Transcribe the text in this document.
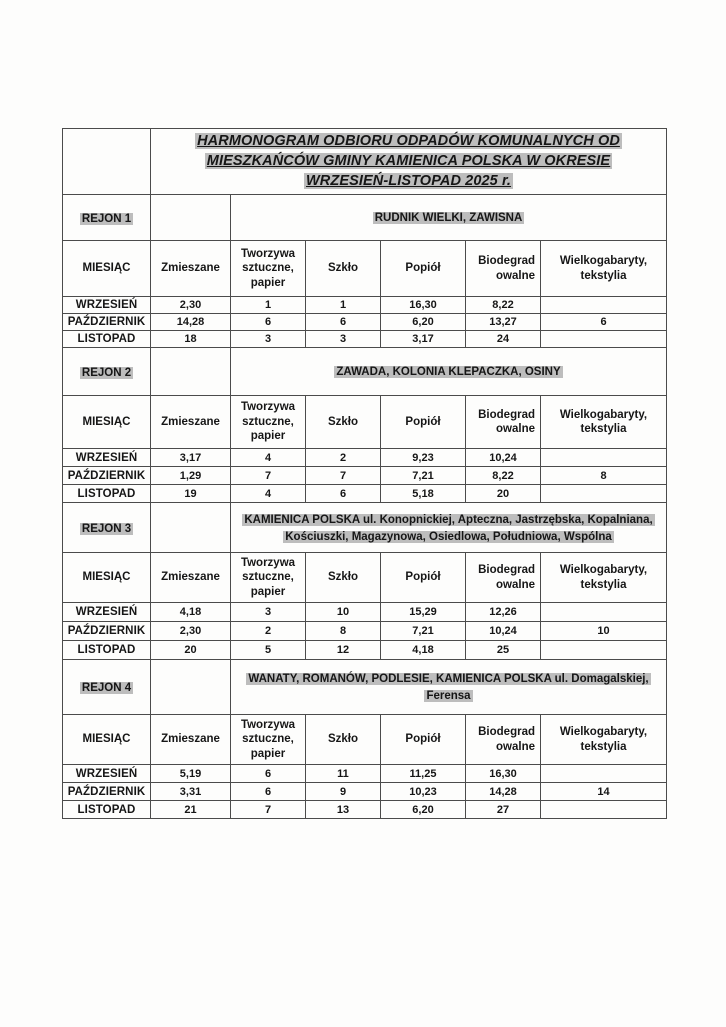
	HARMONOGRAM ODBIORU ODPADÓW KOMUNALNYCH OD
MIESZKAŃCÓW GMINY KAMIENICA POLSKA W OKRESIE
WRZESIEŃ-LISTOPAD 2025 r.					

REJON 1		RUDNIK WIELKI, ZAWISNA				
MIESIĄC	Zmieszane	Tworzywa sztuczne, papier	Szkło	Popiół	Biodegrad owalne	Wielkogabaryty, tekstylia
WRZESIEŃ	2,30	1	1	16,30	8,22	
PAŹDZIERNIK	14,28	6	6	6,20	13,27	6
LISTOPAD	18	3	3	3,17	24	
REJON 2		ZAWADA, KOLONIA KLEPACZKA, OSINY				
MIESIĄC	Zmieszane	Tworzywa sztuczne, papier	Szkło	Popiół	Biodegrad owalne	Wielkogabaryty, tekstylia
WRZESIEŃ	3,17	4	2	9,23	10,24	
PAŹDZIERNIK	1,29	7	7	7,21	8,22	8
LISTOPAD	19	4	6	5,18	20	
REJON 3		KAMIENICA POLSKA ul. Konopnickiej, Apteczna, Jastrzębska, Kopalniana, Kościuszki, Magazynowa, Osiedlowa, Południowa, Wspólna				
MIESIĄC	Zmieszane	Tworzywa sztuczne, papier	Szkło	Popiół	Biodegrad owalne	Wielkogabaryty, tekstylia
WRZESIEŃ	4,18	3	10	15,29	12,26	
PAŹDZIERNIK	2,30	2	8	7,21	10,24	10
LISTOPAD	20	5	12	4,18	25	
REJON 4		WANATY, ROMANÓW, PODLESIE, KAMIENICA POLSKA ul. Domagalskiej, Ferensa				
MIESIĄC	Zmieszane	Tworzywa sztuczne, papier	Szkło	Popiół	Biodegrad owalne	Wielkogabaryty, tekstylia
WRZESIEŃ	5,19	6	11	11,25	16,30	
PAŹDZIERNIK	3,31	6	9	10,23	14,28	14
LISTOPAD	21	7	13	6,20	27	
